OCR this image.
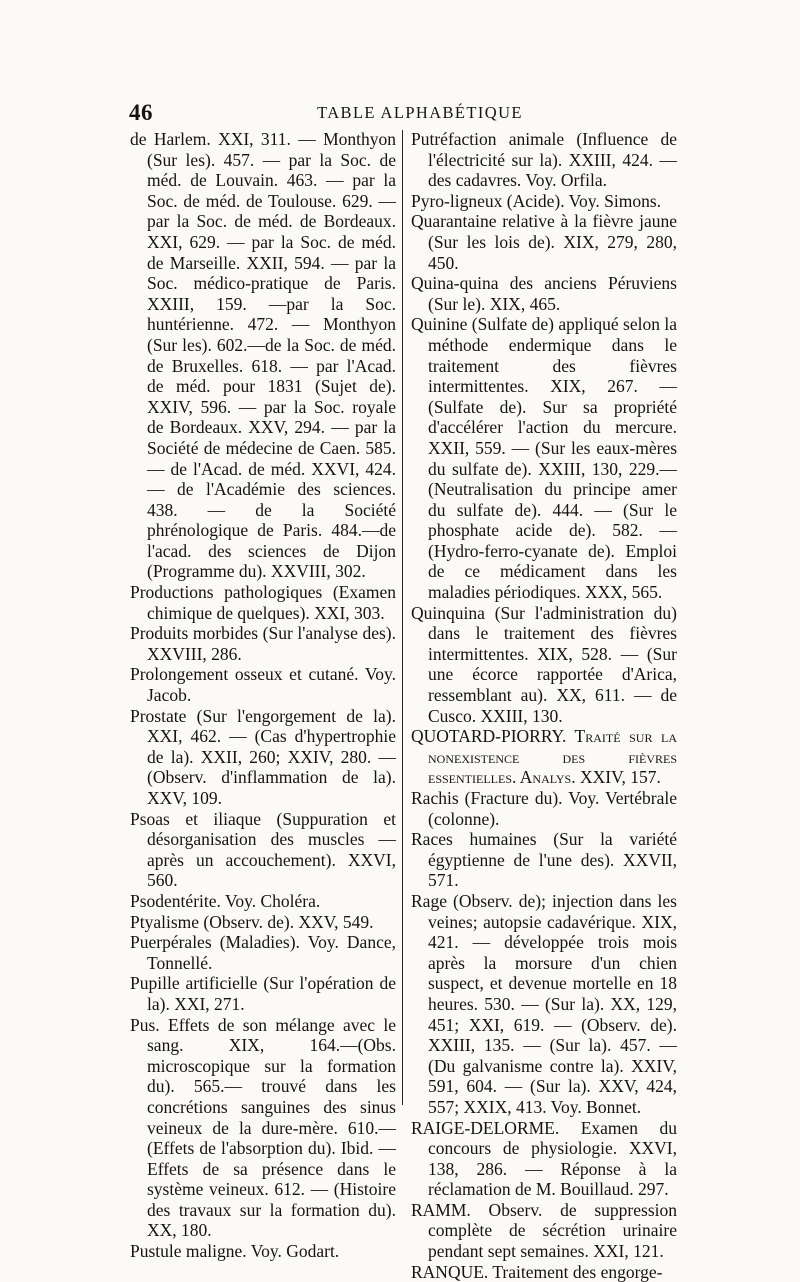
46	TABLE ALPHABÉTIQUE

de Harlem. XXI, 311. — Monthyon (Sur les). 457. — par la Soc. de méd. de Louvain. 463. — par la Soc. de méd. de Toulouse. 629. — par la Soc. de méd. de Bordeaux. XXI, 629. — par la Soc. de méd. de Marseille. XXII, 594. — par la Soc. médico-pratique de Paris. XXIII, 159. —par la Soc. huntérienne. 472. — Monthyon (Sur les). 602.—de la Soc. de méd. de Bruxelles. 618. — par l'Acad. de méd. pour 1831 (Sujet de). XXIV, 596. — par la Soc. royale de Bordeaux. XXV, 294. — par la Société de médecine de Caen. 585. — de l'Acad. de méd. XXVI, 424. — de l'Académie des sciences. 438. — de la Société phrénologique de Paris. 484.—de l'acad. des sciences de Dijon (Programme du). XXVIII, 302.

Productions pathologiques (Examen chimique de quelques). XXI, 303.

Produits morbides (Sur l'analyse des). XXVIII, 286.

Prolongement osseux et cutané. Voy. Jacob.

Prostate (Sur l'engorgement de la). XXI, 462. — (Cas d'hypertrophie de la). XXII, 260; XXIV, 280. — (Observ. d'inflammation de la). XXV, 109.

Psoas et iliaque (Suppuration et désorganisation des muscles — après un accouchement). XXVI, 560.

Psodentérite. Voy. Choléra.

Ptyalisme (Observ. de). XXV, 549.

Puerpérales (Maladies). Voy. Dance, Tonnellé.

Pupille artificielle (Sur l'opération de la). XXI, 271.

Pus. Effets de son mélange avec le sang. XIX, 164.—(Obs. microscopique sur la formation du). 565.— trouvé dans les concrétions sanguines des sinus veineux de la dure-mère. 610.—(Effets de l'absorption du). Ibid. — Effets de sa présence dans le système veineux. 612. — (Histoire des travaux sur la formation du). XX, 180.

Pustule maligne. Voy. Godart.

Putréfaction animale (Influence de l'électricité sur la). XXIII, 424. —des cadavres. Voy. Orfila.

Pyro-ligneux (Acide). Voy. Simons.

Quarantaine relative à la fièvre jaune (Sur les lois de). XIX, 279, 280, 450.

Quina-quina des anciens Péruviens (Sur le). XIX, 465.

Quinine (Sulfate de) appliqué selon la méthode endermique dans le traitement des fièvres intermittentes. XIX, 267. —(Sulfate de). Sur sa propriété d'accélérer l'action du mercure. XXII, 559. — (Sur les eaux-mères du sulfate de). XXIII, 130, 229.—(Neutralisation du principe amer du sulfate de). 444. — (Sur le phosphate acide de). 582. — (Hydro-ferro-cyanate de). Emploi de ce médicament dans les maladies périodiques. XXX, 565.

Quinquina (Sur l'administration du) dans le traitement des fièvres intermittentes. XIX, 528. — (Sur une écorce rapportée d'Arica, ressemblant au). XX, 611. — de Cusco. XXIII, 130.

QUOTARD-PIORRY. Traité sur la nonexistence des fièvres essentielles. Analys. XXIV, 157.

Rachis (Fracture du). Voy. Vertébrale (colonne).

Races humaines (Sur la variété égyptienne de l'une des). XXVII, 571.

Rage (Observ. de); injection dans les veines; autopsie cadavérique. XIX, 421. — développée trois mois après la morsure d'un chien suspect, et devenue mortelle en 18 heures. 530. — (Sur la). XX, 129, 451; XXI, 619. — (Observ. de). XXIII, 135. — (Sur la). 457. —(Du galvanisme contre la). XXIV, 591, 604. — (Sur la). XXV, 424, 557; XXIX, 413. Voy. Bonnet.

RAIGE-DELORME. Examen du concours de physiologie. XXVI, 138, 286. — Réponse à la réclamation de M. Bouillaud. 297.

RAMM. Observ. de suppression complète de sécrétion urinaire pendant sept semaines. XXI, 121.

RANQUE. Traitement des engorge-
